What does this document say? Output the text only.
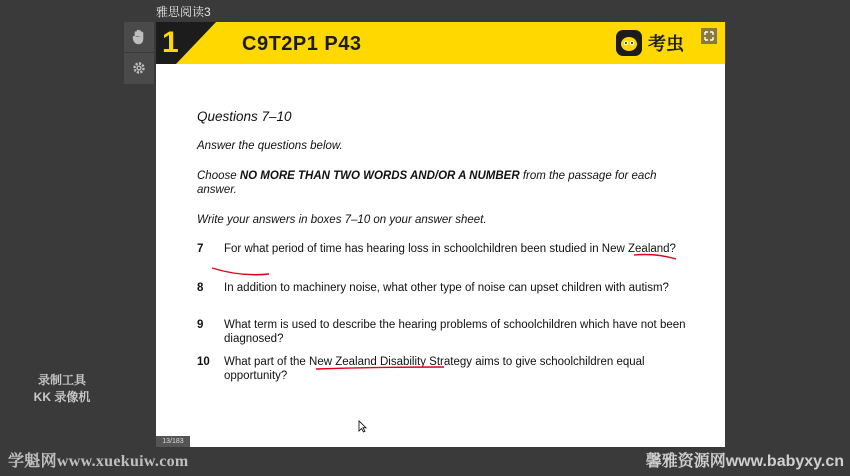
雅思阅读3
1	C9T2P1 P43	考虫
Questions 7–10
Answer the questions below.
Choose NO MORE THAN TWO WORDS AND/OR A NUMBER from the passage for each answer.
Write your answers in boxes 7–10 on your answer sheet.
7 For what period of time has hearing loss in schoolchildren been studied in New Zealand?
8 In addition to machinery noise, what other type of noise can upset children with autism?
9 What term is used to describe the hearing problems of schoolchildren which have not been diagnosed?
10 What part of the New Zealand Disability Strategy aims to give schoolchildren equal opportunity?
13/183
录制工具
KK 录像机
学魁网www.xuekuiw.com	馨雅资源网www.babyxy.cn
